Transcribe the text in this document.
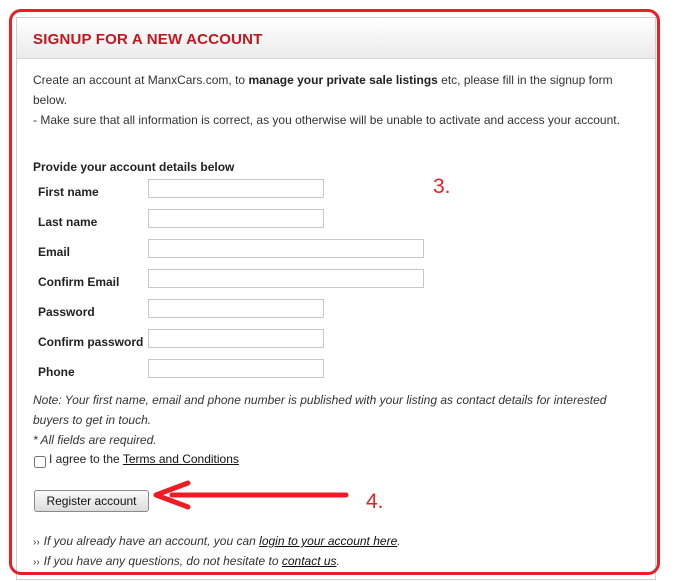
SIGNUP FOR A NEW ACCOUNT
Create an account at ManxCars.com, to manage your private sale listings etc, please fill in the signup form below.
- Make sure that all information is correct, as you otherwise will be unable to activate and access your account.
Provide your account details below
First name
Last name
Email
Confirm Email
Password
Confirm password
Phone
Note: Your first name, email and phone number is published with your listing as contact details for interested buyers to get in touch.
* All fields are required.
I agree to the Terms and Conditions
Register account
›› If you already have an account, you can login to your account here.
›› If you have any questions, do not hesitate to contact us.
3.
4.
